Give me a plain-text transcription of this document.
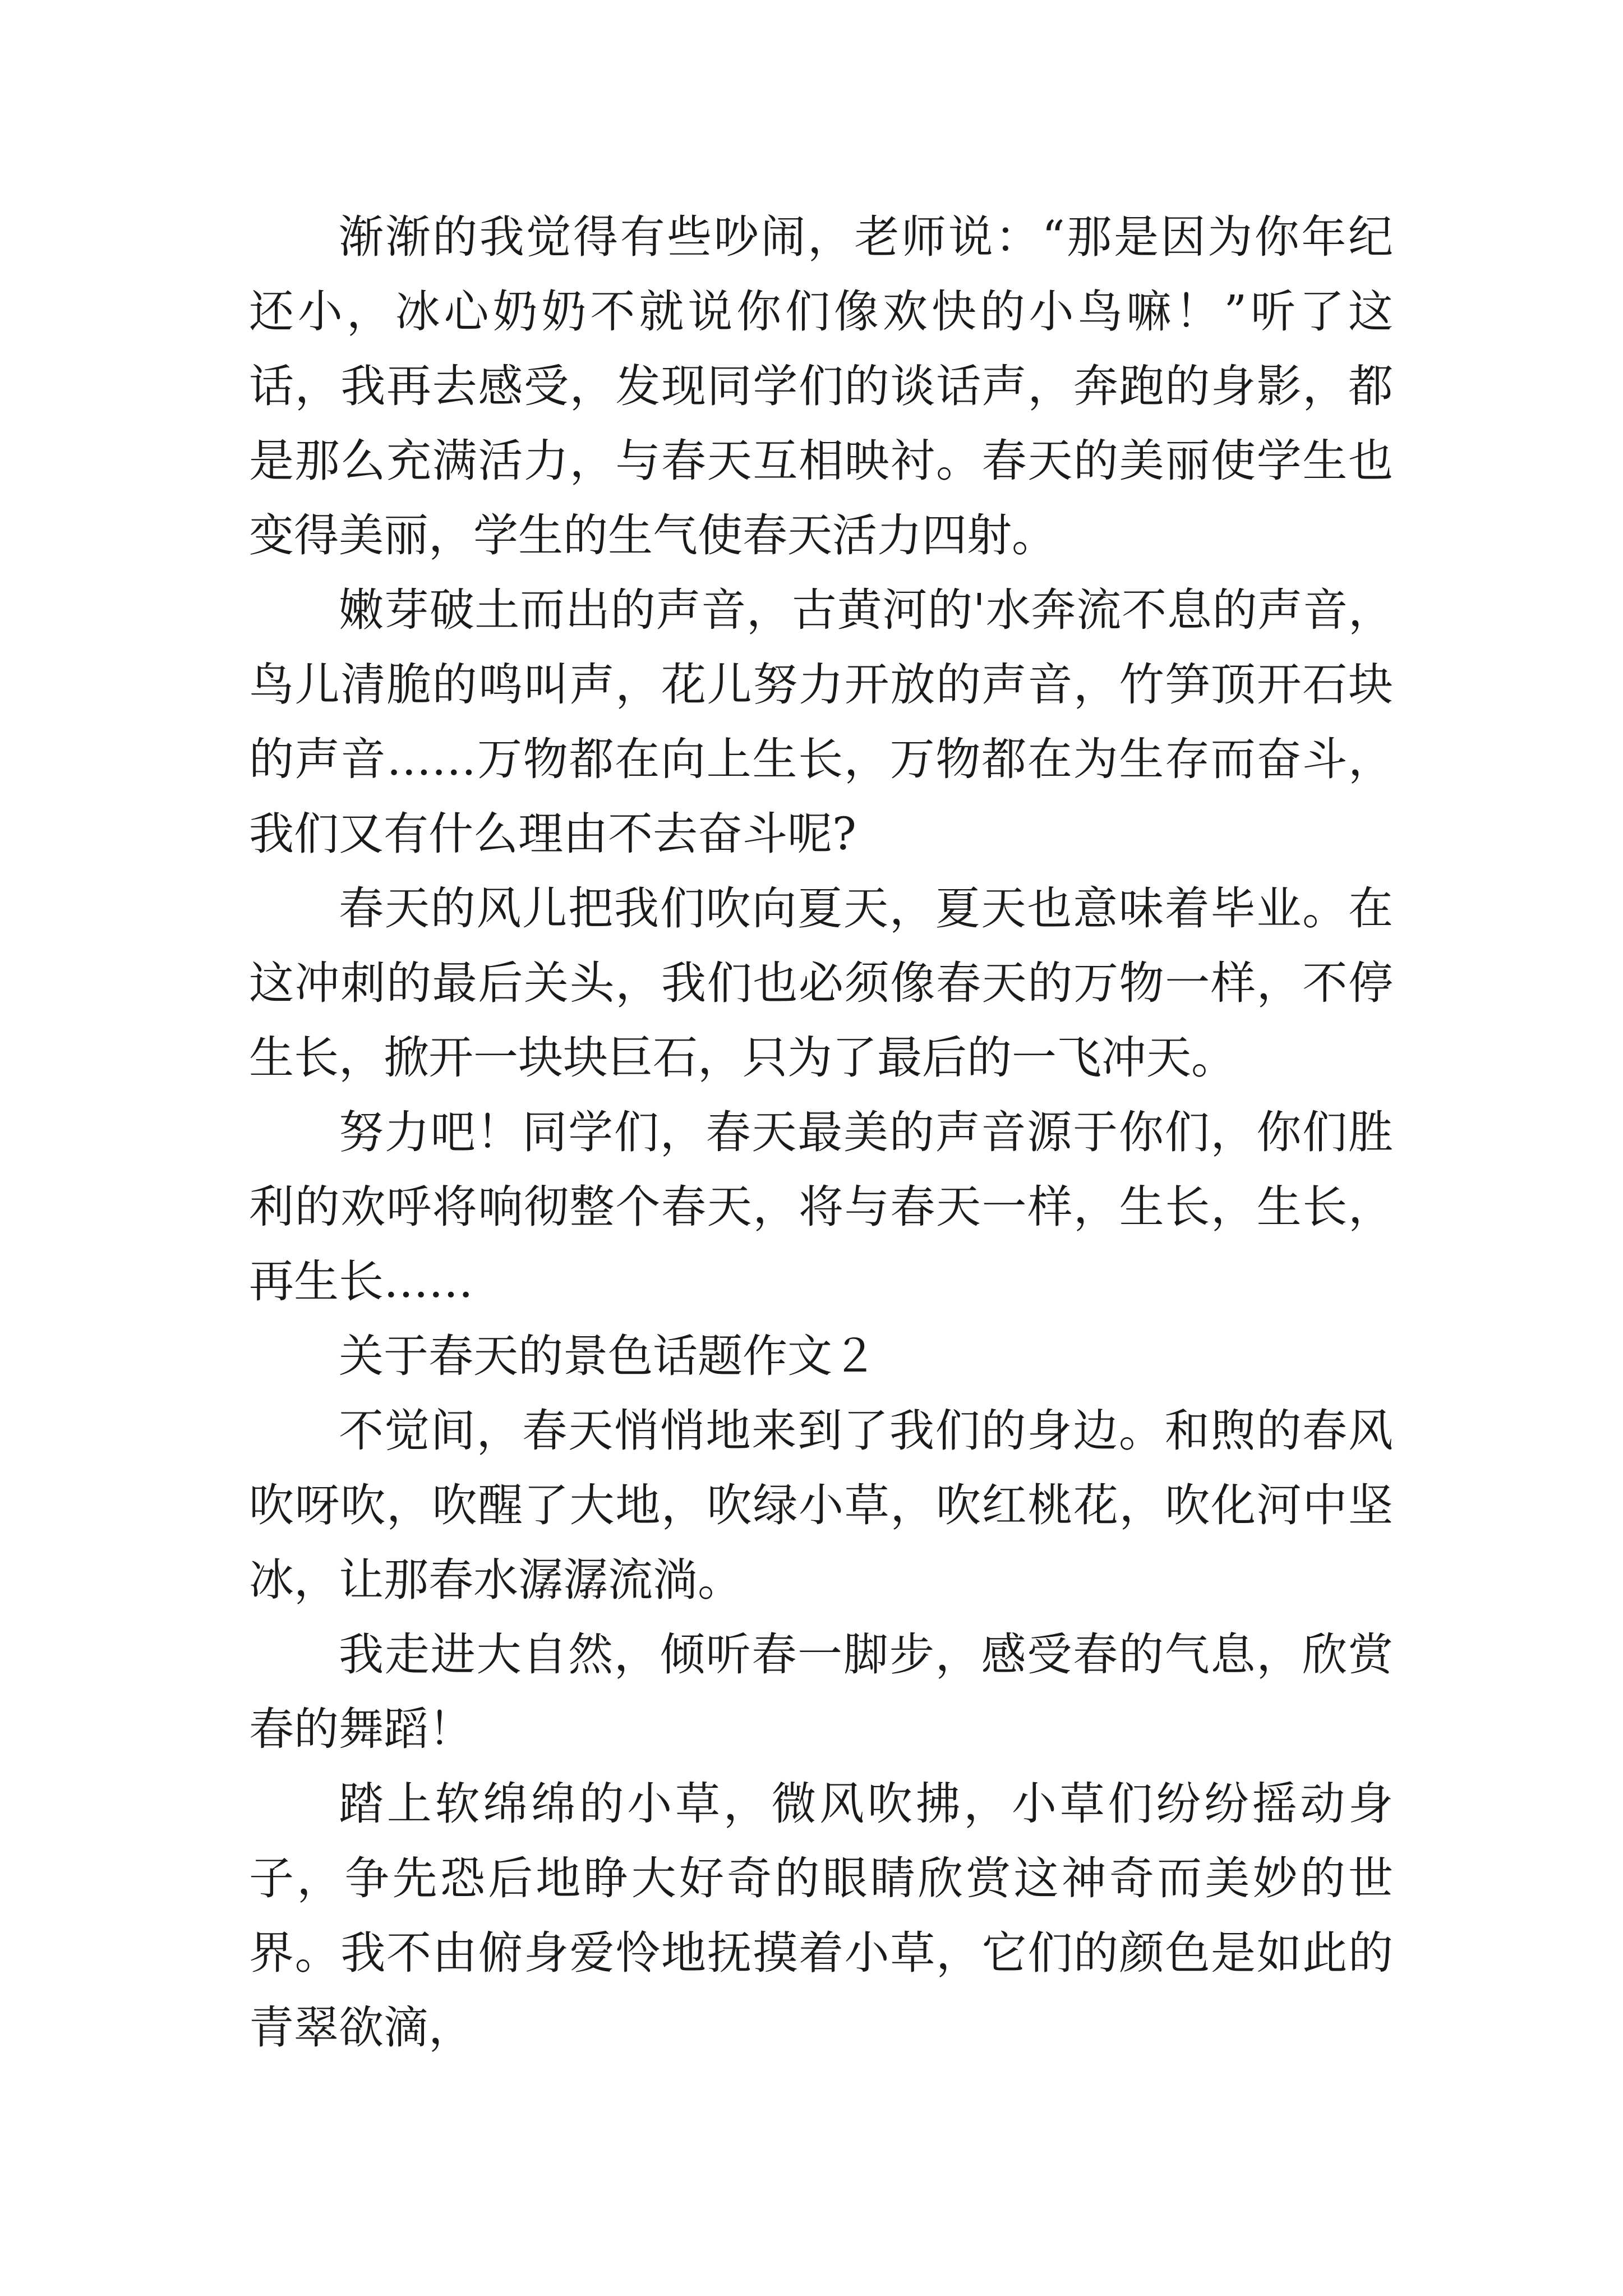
渐渐的我觉得有些吵闹，老师说：“那是因为你年纪还小，冰心奶奶不就说你们像欢快的小鸟嘛！”听了这话，我再去感受，发现同学们的谈话声，奔跑的身影，都是那么充满活力，与春天互相映衬。春天的美丽使学生也变得美丽，学生的生气使春天活力四射。

嫩芽破土而出的声音，古黄河的'水奔流不息的声音，鸟儿清脆的鸣叫声，花儿努力开放的声音，竹笋顶开石块的声音……万物都在向上生长，万物都在为生存而奋斗，我们又有什么理由不去奋斗呢?

春天的风儿把我们吹向夏天，夏天也意味着毕业。在这冲刺的最后关头，我们也必须像春天的万物一样，不停生长，掀开一块块巨石，只为了最后的一飞冲天。

努力吧！同学们，春天最美的声音源于你们，你们胜利的欢呼将响彻整个春天，将与春天一样，生长，生长，再生长……

关于春天的景色话题作文２

不觉间，春天悄悄地来到了我们的身边。和煦的春风吹呀吹，吹醒了大地，吹绿小草，吹红桃花，吹化河中坚冰，让那春水潺潺流淌。

我走进大自然，倾听春一脚步，感受春的气息，欣赏春的舞蹈！

踏上软绵绵的小草，微风吹拂，小草们纷纷摇动身子，争先恐后地睁大好奇的眼睛欣赏这神奇而美妙的世界。我不由俯身爱怜地抚摸着小草，它们的颜色是如此的青翠欲滴，
